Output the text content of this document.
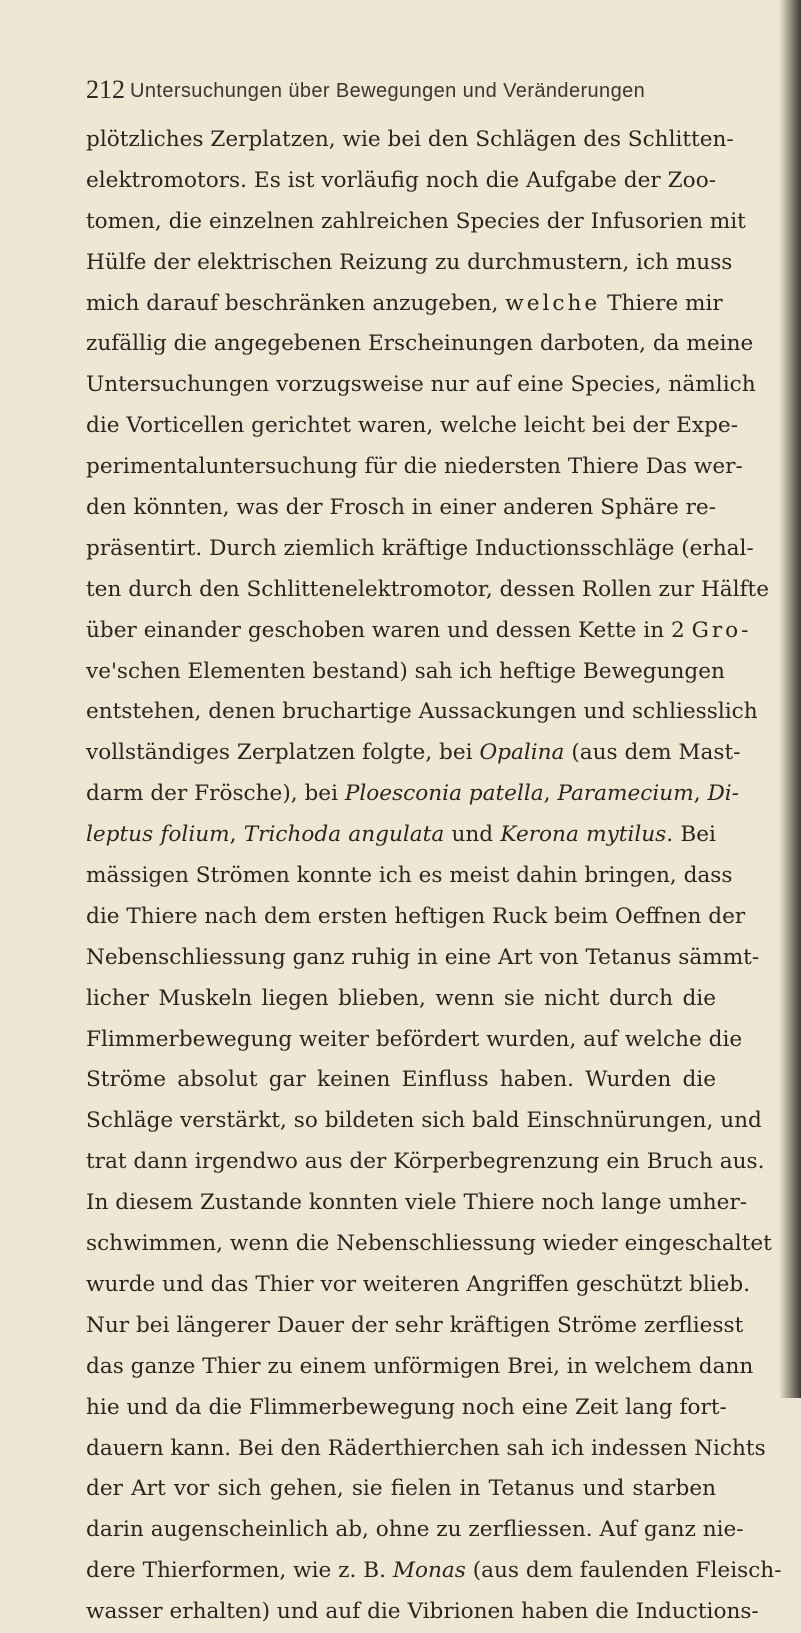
212 Untersuchungen über Bewegungen und Veränderungen
plötzliches Zerplatzen, wie bei den Schlägen des Schlitten-
elektromotors. Es ist vorläufig noch die Aufgabe der Zoo-
tomen, die einzelnen zahlreichen Species der Infusorien mit
Hülfe der elektrischen Reizung zu durchmustern, ich muss
mich darauf beschränken anzugeben, welche Thiere mir
zufällig die angegebenen Erscheinungen darboten, da meine
Untersuchungen vorzugsweise nur auf eine Species, nämlich
die Vorticellen gerichtet waren, welche leicht bei der Expe-
perimentaluntersuchung für die niedersten Thiere Das wer-
den könnten, was der Frosch in einer anderen Sphäre re-
präsentirt. Durch ziemlich kräftige Inductionsschläge (erhal-
ten durch den Schlittenelektromotor, dessen Rollen zur Hälfte
über einander geschoben waren und dessen Kette in 2 Gro-
ve'schen Elementen bestand) sah ich heftige Bewegungen
entstehen, denen bruchartige Aussackungen und schliesslich
vollständiges Zerplatzen folgte, bei Opalina (aus dem Mast-
darm der Frösche), bei Ploesconia patella, Paramecium, Di-
leptus folium, Trichoda angulata und Kerona mytilus. Bei
mässigen Strömen konnte ich es meist dahin bringen, dass
die Thiere nach dem ersten heftigen Ruck beim Oeffnen der
Nebenschliessung ganz ruhig in eine Art von Tetanus sämmt-
licher Muskeln liegen blieben, wenn sie nicht durch die
Flimmerbewegung weiter befördert wurden, auf welche die
Ströme absolut gar keinen Einfluss haben. Wurden die
Schläge verstärkt, so bildeten sich bald Einschnürungen, und
trat dann irgendwo aus der Körperbegrenzung ein Bruch aus.
In diesem Zustande konnten viele Thiere noch lange umher-
schwimmen, wenn die Nebenschliessung wieder eingeschaltet
wurde und das Thier vor weiteren Angriffen geschützt blieb.
Nur bei längerer Dauer der sehr kräftigen Ströme zerfliesst
das ganze Thier zu einem unförmigen Brei, in welchem dann
hie und da die Flimmerbewegung noch eine Zeit lang fort-
dauern kann. Bei den Räderthierchen sah ich indessen Nichts
der Art vor sich gehen, sie fielen in Tetanus und starben
darin augenscheinlich ab, ohne zu zerfliessen. Auf ganz nie-
dere Thierformen, wie z. B. Monas (aus dem faulenden Fleisch-
wasser erhalten) und auf die Vibrionen haben die Inductions-
